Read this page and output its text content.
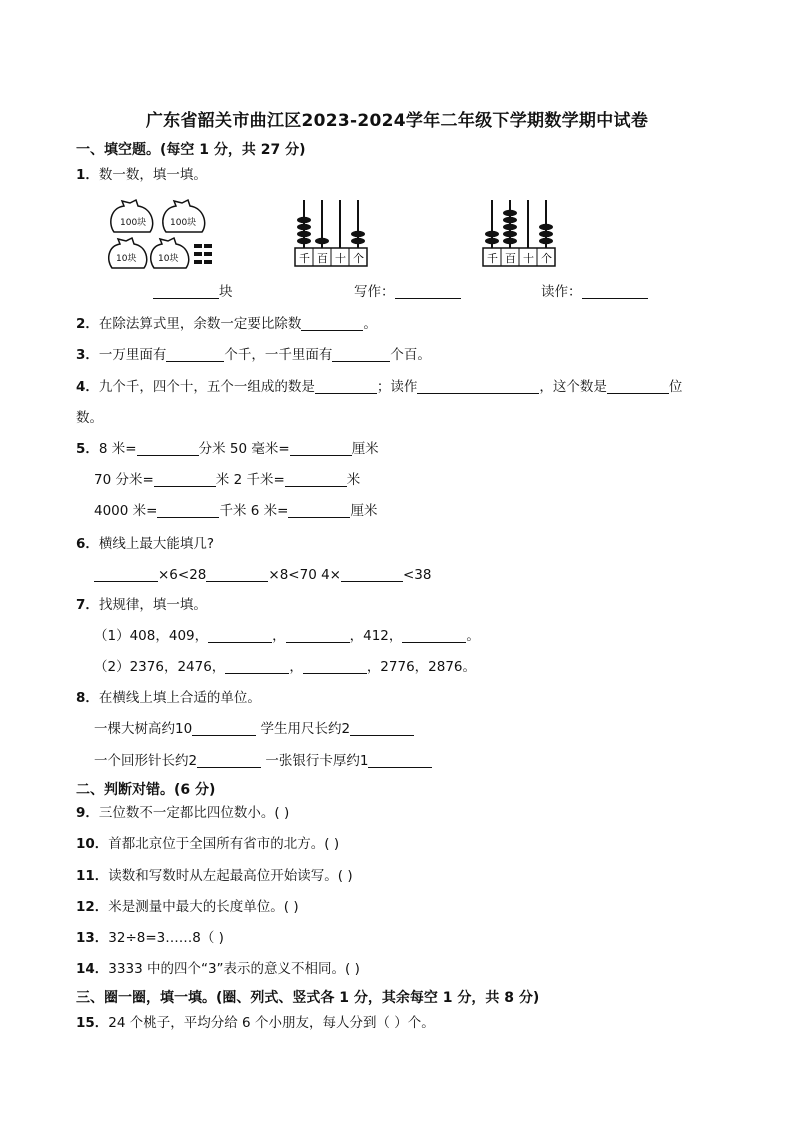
广东省韶关市曲江区2023-2024学年二年级下学期数学期中试卷
一、填空题。(每空 1 分，共 27 分)
1．数一数，填一填。
100块	100块
10块 10块	千 百 十 个	千 百 十 个
块	写作：	读作：
2．在除法算式里，余数一定要比除数	。
3．一万里面有	个千，一千里面有	个百。
4．九个千，四个十，五个一组成的数是	；读作	，这个数是	位
数。
5．8 米=	分米 50 毫米=	厘米
70 分米=	米 2 千米=	米
4000 米=	千米 6 米=	厘米
6．横线上最大能填几?
×6<28	×8<70 4×	<38
7．找规律，填一填。
（1）408，409，	，	，412，	。
（2）2376，2476，	，	，2776，2876。
8．在横线上填上合适的单位。
一棵大树高约10	学生用尺长约2
一个回形针长约2	一张银行卡厚约1
二、判断对错。(6 分)
9．三位数不一定都比四位数小。( )
10．首都北京位于全国所有省市的北方。( )
11．读数和写数时从左起最高位开始读写。( )
12．米是测量中最大的长度单位。( )
13．32÷8=3……8（ )
14．3333 中的四个“3”表示的意义不相同。( )
三、圈一圈，填一填。(圈、列式、竖式各 1 分，其余每空 1 分，共 8 分)
15．24 个桃子，平均分给 6 个小朋友，每人分到（ ）个。
